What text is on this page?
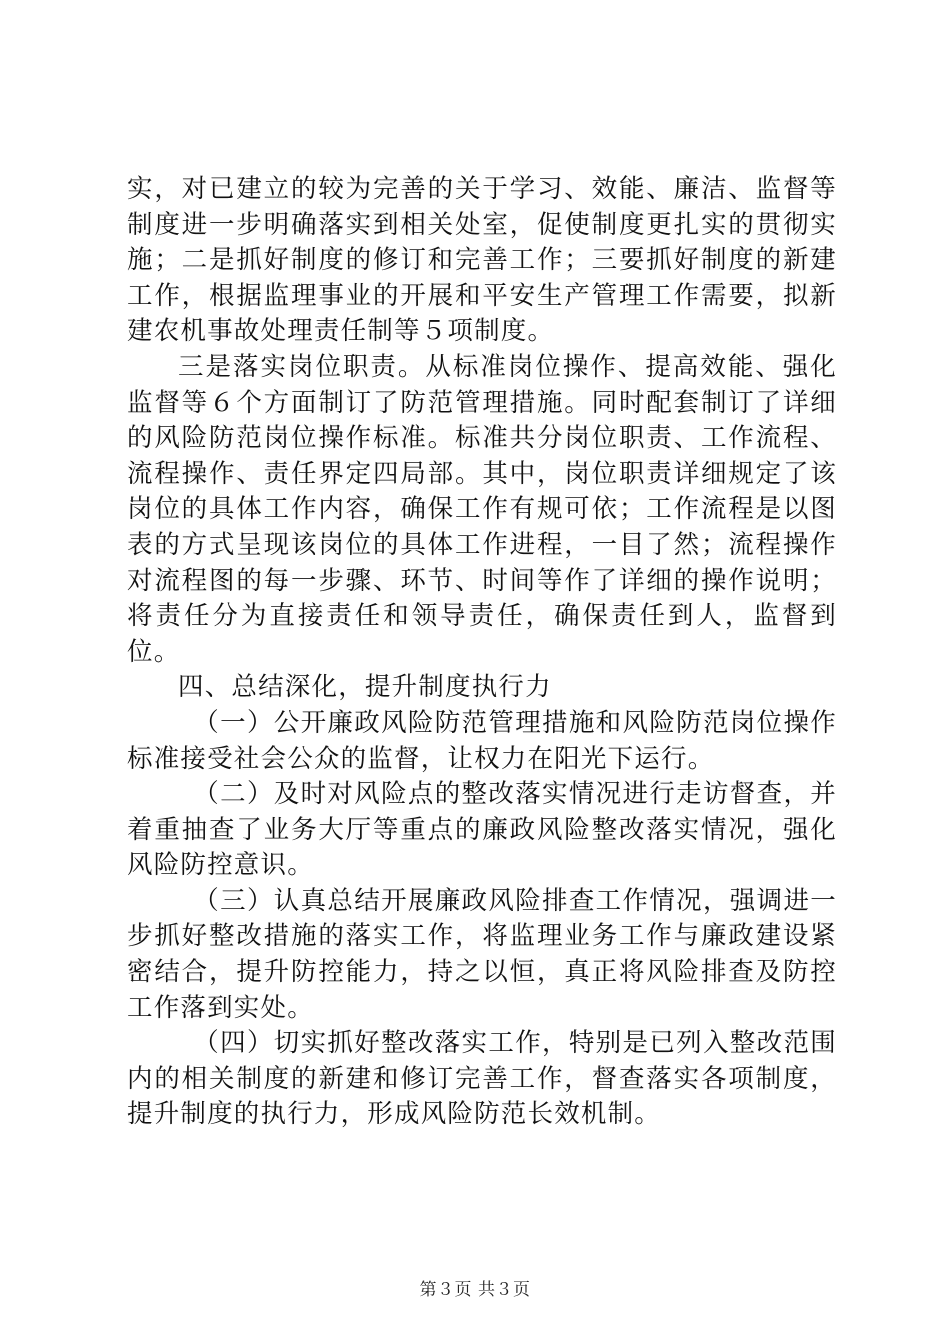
实，对已建立的较为完善的关于学习、效能、廉洁、监督等制度进一步明确落实到相关处室，促使制度更扎实的贯彻实施；二是抓好制度的修订和完善工作；三要抓好制度的新建工作，根据监理事业的开展和平安生产管理工作需要，拟新建农机事故处理责任制等５项制度。

三是落实岗位职责。从标准岗位操作、提高效能、强化监督等６个方面制订了防范管理措施。同时配套制订了详细的风险防范岗位操作标准。标准共分岗位职责、工作流程、流程操作、责任界定四局部。其中，岗位职责详细规定了该岗位的具体工作内容，确保工作有规可依；工作流程是以图表的方式呈现该岗位的具体工作进程，一目了然；流程操作对流程图的每一步骤、环节、时间等作了详细的操作说明；将责任分为直接责任和领导责任，确保责任到人，监督到位。

四、总结深化，提升制度执行力

（一）公开廉政风险防范管理措施和风险防范岗位操作标准接受社会公众的监督，让权力在阳光下运行。

（二）及时对风险点的整改落实情况进行走访督查，并着重抽查了业务大厅等重点的廉政风险整改落实情况，强化风险防控意识。

（三）认真总结开展廉政风险排查工作情况，强调进一步抓好整改措施的落实工作，将监理业务工作与廉政建设紧密结合，提升防控能力，持之以恒，真正将风险排查及防控工作落到实处。

（四）切实抓好整改落实工作，特别是已列入整改范围内的相关制度的新建和修订完善工作，督查落实各项制度，提升制度的执行力，形成风险防范长效机制。

第３页 共３页
